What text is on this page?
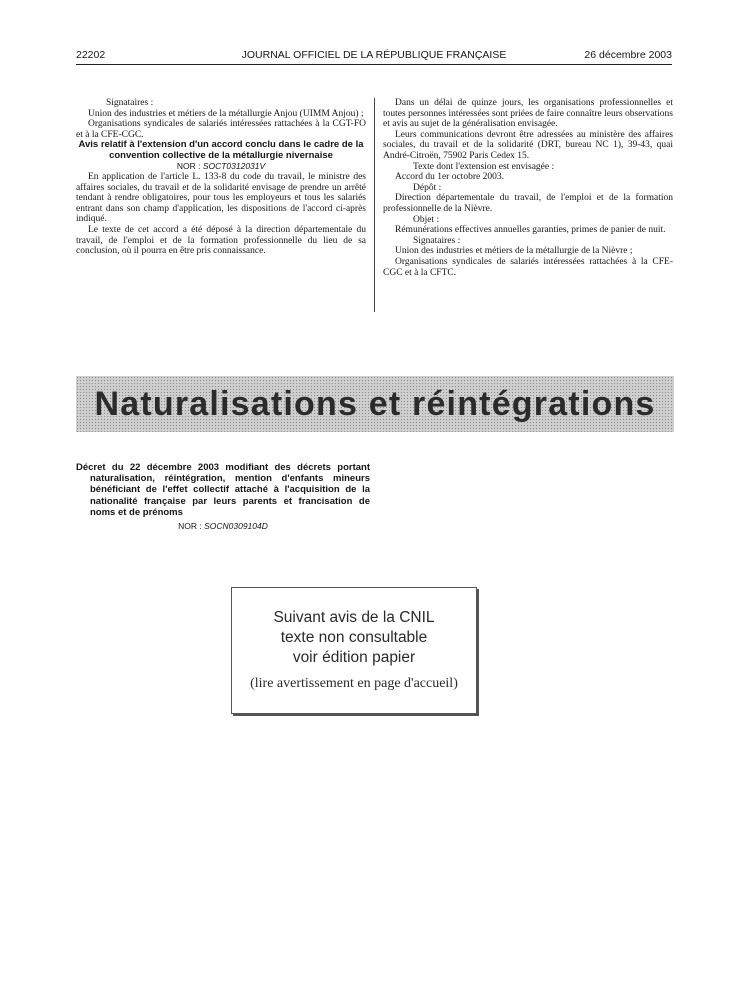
22202	JOURNAL OFFICIEL DE LA RÉPUBLIQUE FRANÇAISE	26 décembre 2003

Signataires :

Union des industries et métiers de la métallurgie Anjou (UIMM Anjou) ;

Organisations syndicales de salariés intéressées rattachées à la CGT-FO et à la CFE-CGC.

Avis relatif à l'extension d'un accord conclu dans le cadre de la convention collective de la métallurgie nivernaise

NOR : SOCT0312031V

En application de l'article L. 133-8 du code du travail, le ministre des affaires sociales, du travail et de la solidarité envisage de prendre un arrêté tendant à rendre obligatoires, pour tous les employeurs et tous les salariés entrant dans son champ d'application, les dispositions de l'accord ci-après indiqué.

Le texte de cet accord a été déposé à la direction départementale du travail, de l'emploi et de la formation professionnelle du lieu de sa conclusion, où il pourra en être pris connaissance.

Dans un délai de quinze jours, les organisations professionnelles et toutes personnes intéressées sont priées de faire connaître leurs observations et avis au sujet de la généralisation envisagée.

Leurs communications devront être adressées au ministère des affaires sociales, du travail et de la solidarité (DRT, bureau NC 1), 39-43, quai André-Citroën, 75902 Paris Cedex 15.

Texte dont l'extension est envisagée :

Accord du 1er octobre 2003.

Dépôt :

Direction départementale du travail, de l'emploi et de la formation professionnelle de la Nièvre.

Objet :

Rémunérations effectives annuelles garanties, primes de panier de nuit.

Signataires :

Union des industries et métiers de la métallurgie de la Nièvre ;

Organisations syndicales de salariés intéressées rattachées à la CFE-CGC et à la CFTC.

Naturalisations et réintégrations

Décret du 22 décembre 2003 modifiant des décrets portant naturalisation, réintégration, mention d'enfants mineurs bénéficiant de l'effet collectif attaché à l'acquisition de la nationalité française par leurs parents et francisation de noms et de prénoms

NOR : SOCN0309104D

Suivant avis de la CNIL
texte non consultable
voir édition papier
(lire avertissement en page d'accueil)
